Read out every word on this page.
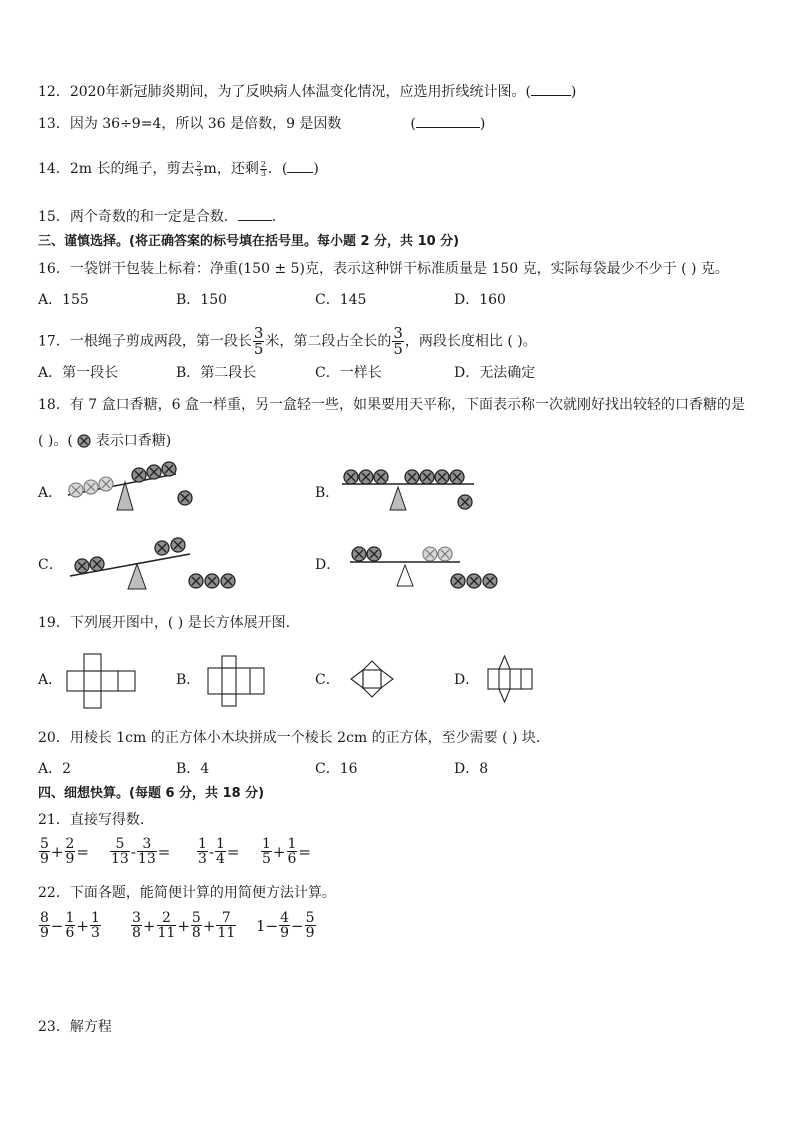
12．2020年新冠肺炎期间，为了反映病人体温变化情况，应选用折线统计图。(	)
13．因为 36÷9=4，所以 36 是倍数，9 是因数	(	)
14．2m 长的绳子，剪去 $\frac{2}{3}$ m，还剩 $\frac{2}{3}$ ．( )
15．两个奇数的和一定是合数． ．
三、谨慎选择。(将正确答案的标号填在括号里。每小题 2 分，共 10 分)
16．一袋饼干包装上标着：净重(150 ± 5)克，表示这种饼干标准质量是 150 克，实际每袋最少不少于 ( ) 克。
A．155	B．150	C．145	D．160
17．一根绳子剪成两段，第一段长 $\frac{3}{5}$ 米，第二段占全长的 $\frac{3}{5}$ ，两段长度相比 ( )。
A．第一段长	B．第二段长	C．一样长	D．无法确定
18．有 7 盒口香糖，6 盒一样重，另一盒轻一些，如果要用天平称，下面表示称一次就刚好找出较轻的口香糖的是
( )。( 表示口香糖)
A．	B．
C．	D．
19．下列展开图中，( ) 是长方体展开图.
A．	B．	C．	D．
20．用棱长 1cm 的正方体小木块拼成一个棱长 2cm 的正方体，至少需要 ( ) 块.
A．2	B．4	C．16	D．8
四、细想快算。(每题 6 分，共 18 分)
21．直接写得数.
$\frac{5}{9} + \frac{2}{9} = \frac{5}{13} - \frac{3}{13} = \frac{1}{3} - \frac{1}{4} = \frac{1}{5} + \frac{1}{6}$ =
22．下面各题，能简便计算的用简便方法计算。
$\frac{8}{9} - \frac{1}{6} + \frac{1}{3} \frac{3}{8} + \frac{2}{11} + \frac{5}{8} + \frac{7}{11} 1- \frac{4}{9} - \frac{5}{9}$
23．解方程
